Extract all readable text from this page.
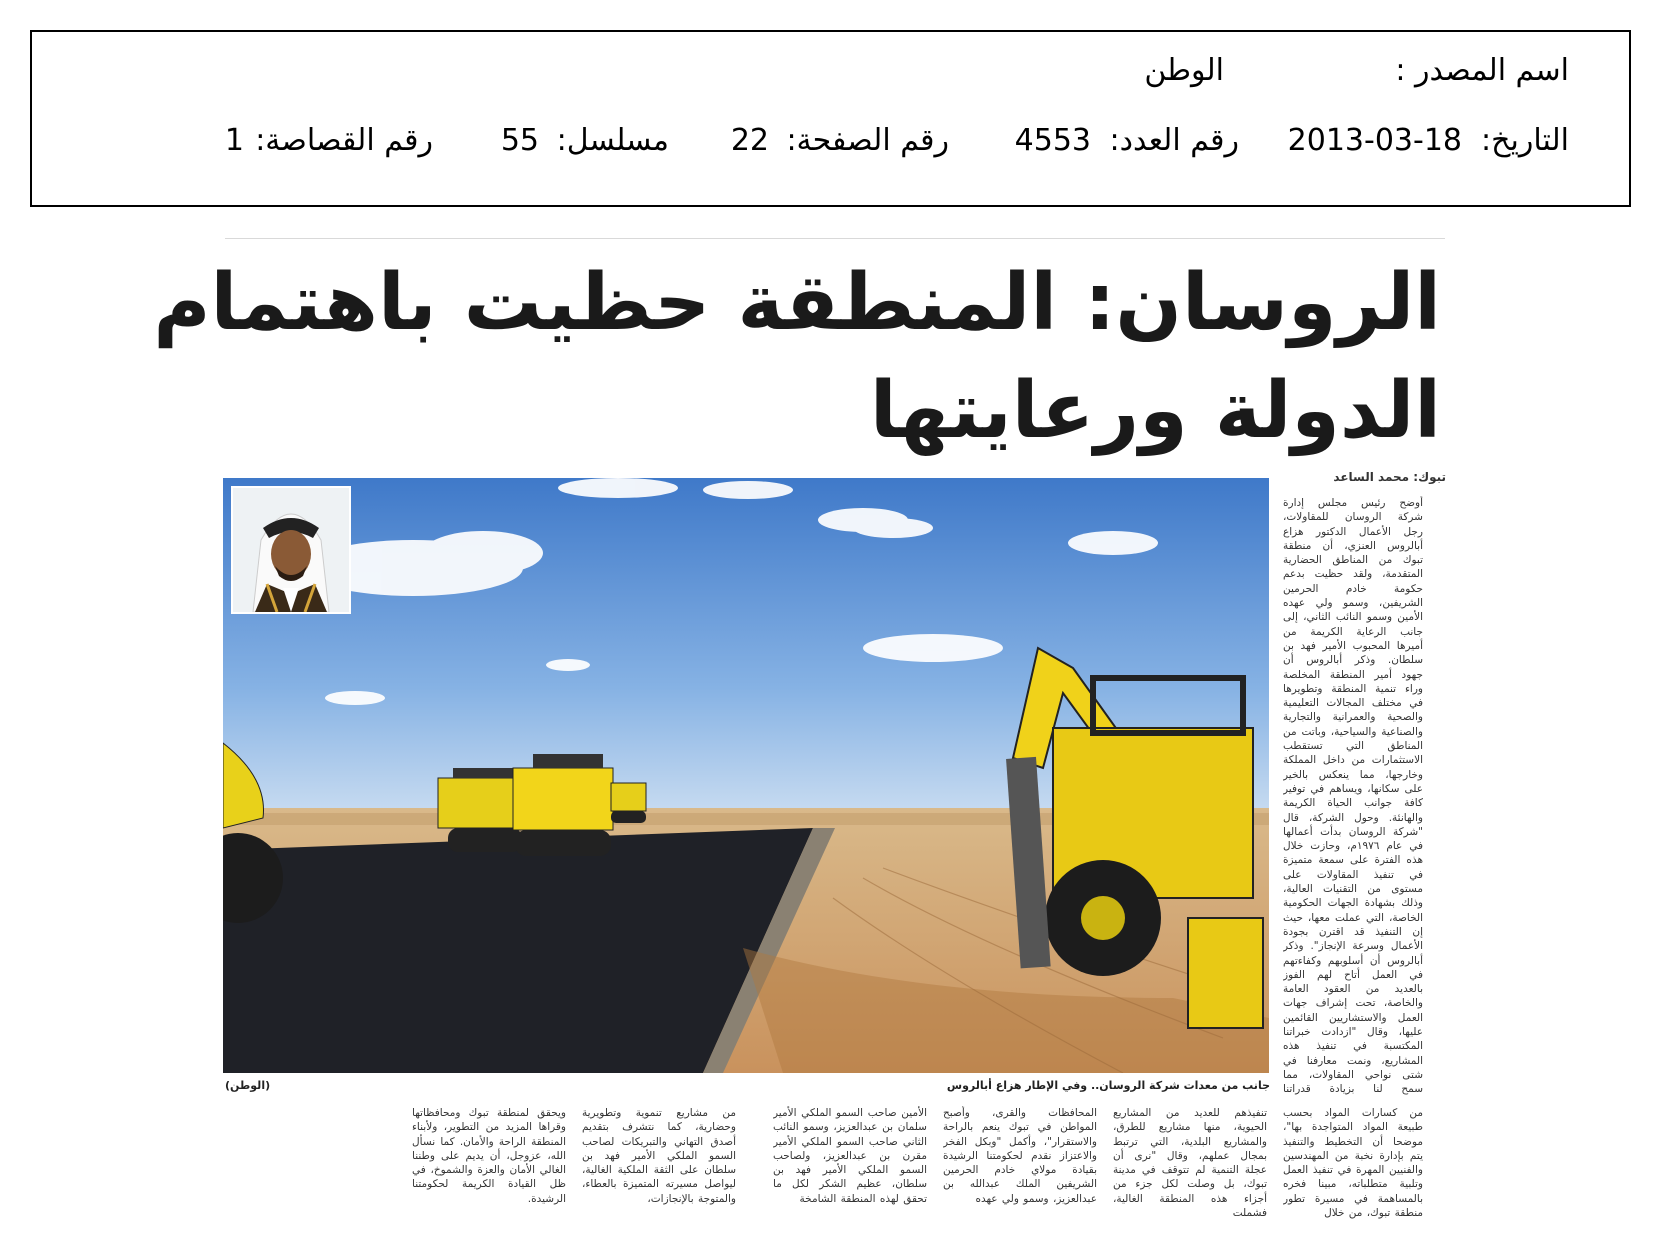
اسم المصدر :
الوطن
التاريخ:
2013-03-18
رقم العدد:
4553
رقم الصفحة:
22
مسلسل:
55
رقم القصاصة:
1
الروسان: المنطقة حظيت باهتمام
الدولة ورعايتها
تبوك: محمد الساعد
جانب من معدات شركة الروسان.. وفي الإطار هزاع أبالروس
(الوطن)
أوضح رئيس مجلس إدارة شركة الروسان للمقاولات، رجل الأعمال الدكتور هزاع أبالروس العنزي، أن منطقة تبوك من المناطق الحضارية المتقدمة، ولقد حظيت بدعم حكومة خادم الحرمين الشريفين، وسمو ولي عهده الأمين وسمو النائب الثاني، إلى جانب الرعاية الكريمة من أميرها المحبوب الأمير فهد بن سلطان. وذكر أبالروس أن جهود أمير المنطقة المخلصة وراء تنمية المنطقة وتطويرها في مختلف المجالات التعليمية والصحية والعمرانية والتجارية والصناعية والسياحية، وباتت من المناطق التي تستقطب الاستثمارات من داخل المملكة وخارجها، مما ينعكس بالخير على سكانها، ويساهم في توفير كافة جوانب الحياة الكريمة والهانئة. وحول الشركة، قال "شركة الروسان بدأت أعمالها في عام ١٩٧٦م، وحازت خلال هذه الفترة على سمعة متميزة في تنفيذ المقاولات على مستوى من التقنيات العالية، وذلك بشهادة الجهات الحكومية الخاصة، التي عملت معها، حيث إن التنفيذ قد اقترن بجودة الأعمال وسرعة الإنجاز". وذكر أبالروس أن أسلوبهم وكفاءتهم في العمل أتاح لهم الفوز بالعديد من العقود العامة والخاصة، تحت إشراف جهات العمل والاستشاريين القائمين عليها، وقال "ازدادت خبراتنا المكتسبة في تنفيذ هذه المشاريع، ونمت معارفنا في شتى نواحي المقاولات، مما سمح لنا بزيادة قدراتنا
من كسارات المواد بحسب طبيعة المواد المتواجدة بها"، موضحا أن التخطيط والتنفيذ يتم بإدارة نخبة من المهندسين والفنيين المهرة في تنفيذ العمل وتلبية متطلباته، مبينا فخره بالمساهمة في مسيرة تطور منطقة تبوك، من خلال
تنفيذهم للعديد من المشاريع الحيوية، منها مشاريع للطرق، والمشاريع البلدية، التي ترتبط بمجال عملهم، وقال "نرى أن عجلة التنمية لم تتوقف في مدينة تبوك، بل وصلت لكل جزء من أجزاء هذه المنطقة الغالية، فشملت
المحافظات والقرى، وأصبح المواطن في تبوك ينعم بالراحة والاستقرار"، وأكمل "وبكل الفخر والاعتزاز نقدم لحكومتنا الرشيدة بقيادة مولاي خادم الحرمين الشريفين الملك عبدالله بن عبدالعزيز، وسمو ولي عهده
الأمين صاحب السمو الملكي الأمير سلمان بن عبدالعزيز، وسمو النائب الثاني صاحب السمو الملكي الأمير مقرن بن عبدالعزيز، ولصاحب السمو الملكي الأمير فهد بن سلطان، عظيم الشكر لكل ما تحقق لهذه المنطقة الشامخة
من مشاريع تنموية وتطويرية وحضارية، كما نتشرف بتقديم أصدق التهاني والتبريكات لصاحب السمو الملكي الأمير فهد بن سلطان على الثقة الملكية الغالية، ليواصل مسيرته المتميزة بالعطاء، والمتوجة بالإنجازات،
ويحقق لمنطقة تبوك ومحافظاتها وقراها المزيد من التطوير، ولأبناء المنطقة الراحة والأمان. كما نسأل الله، عزوجل، أن يديم على وطننا الغالي الأمان والعزة والشموخ، في ظل القيادة الكريمة لحكومتنا الرشيدة.
